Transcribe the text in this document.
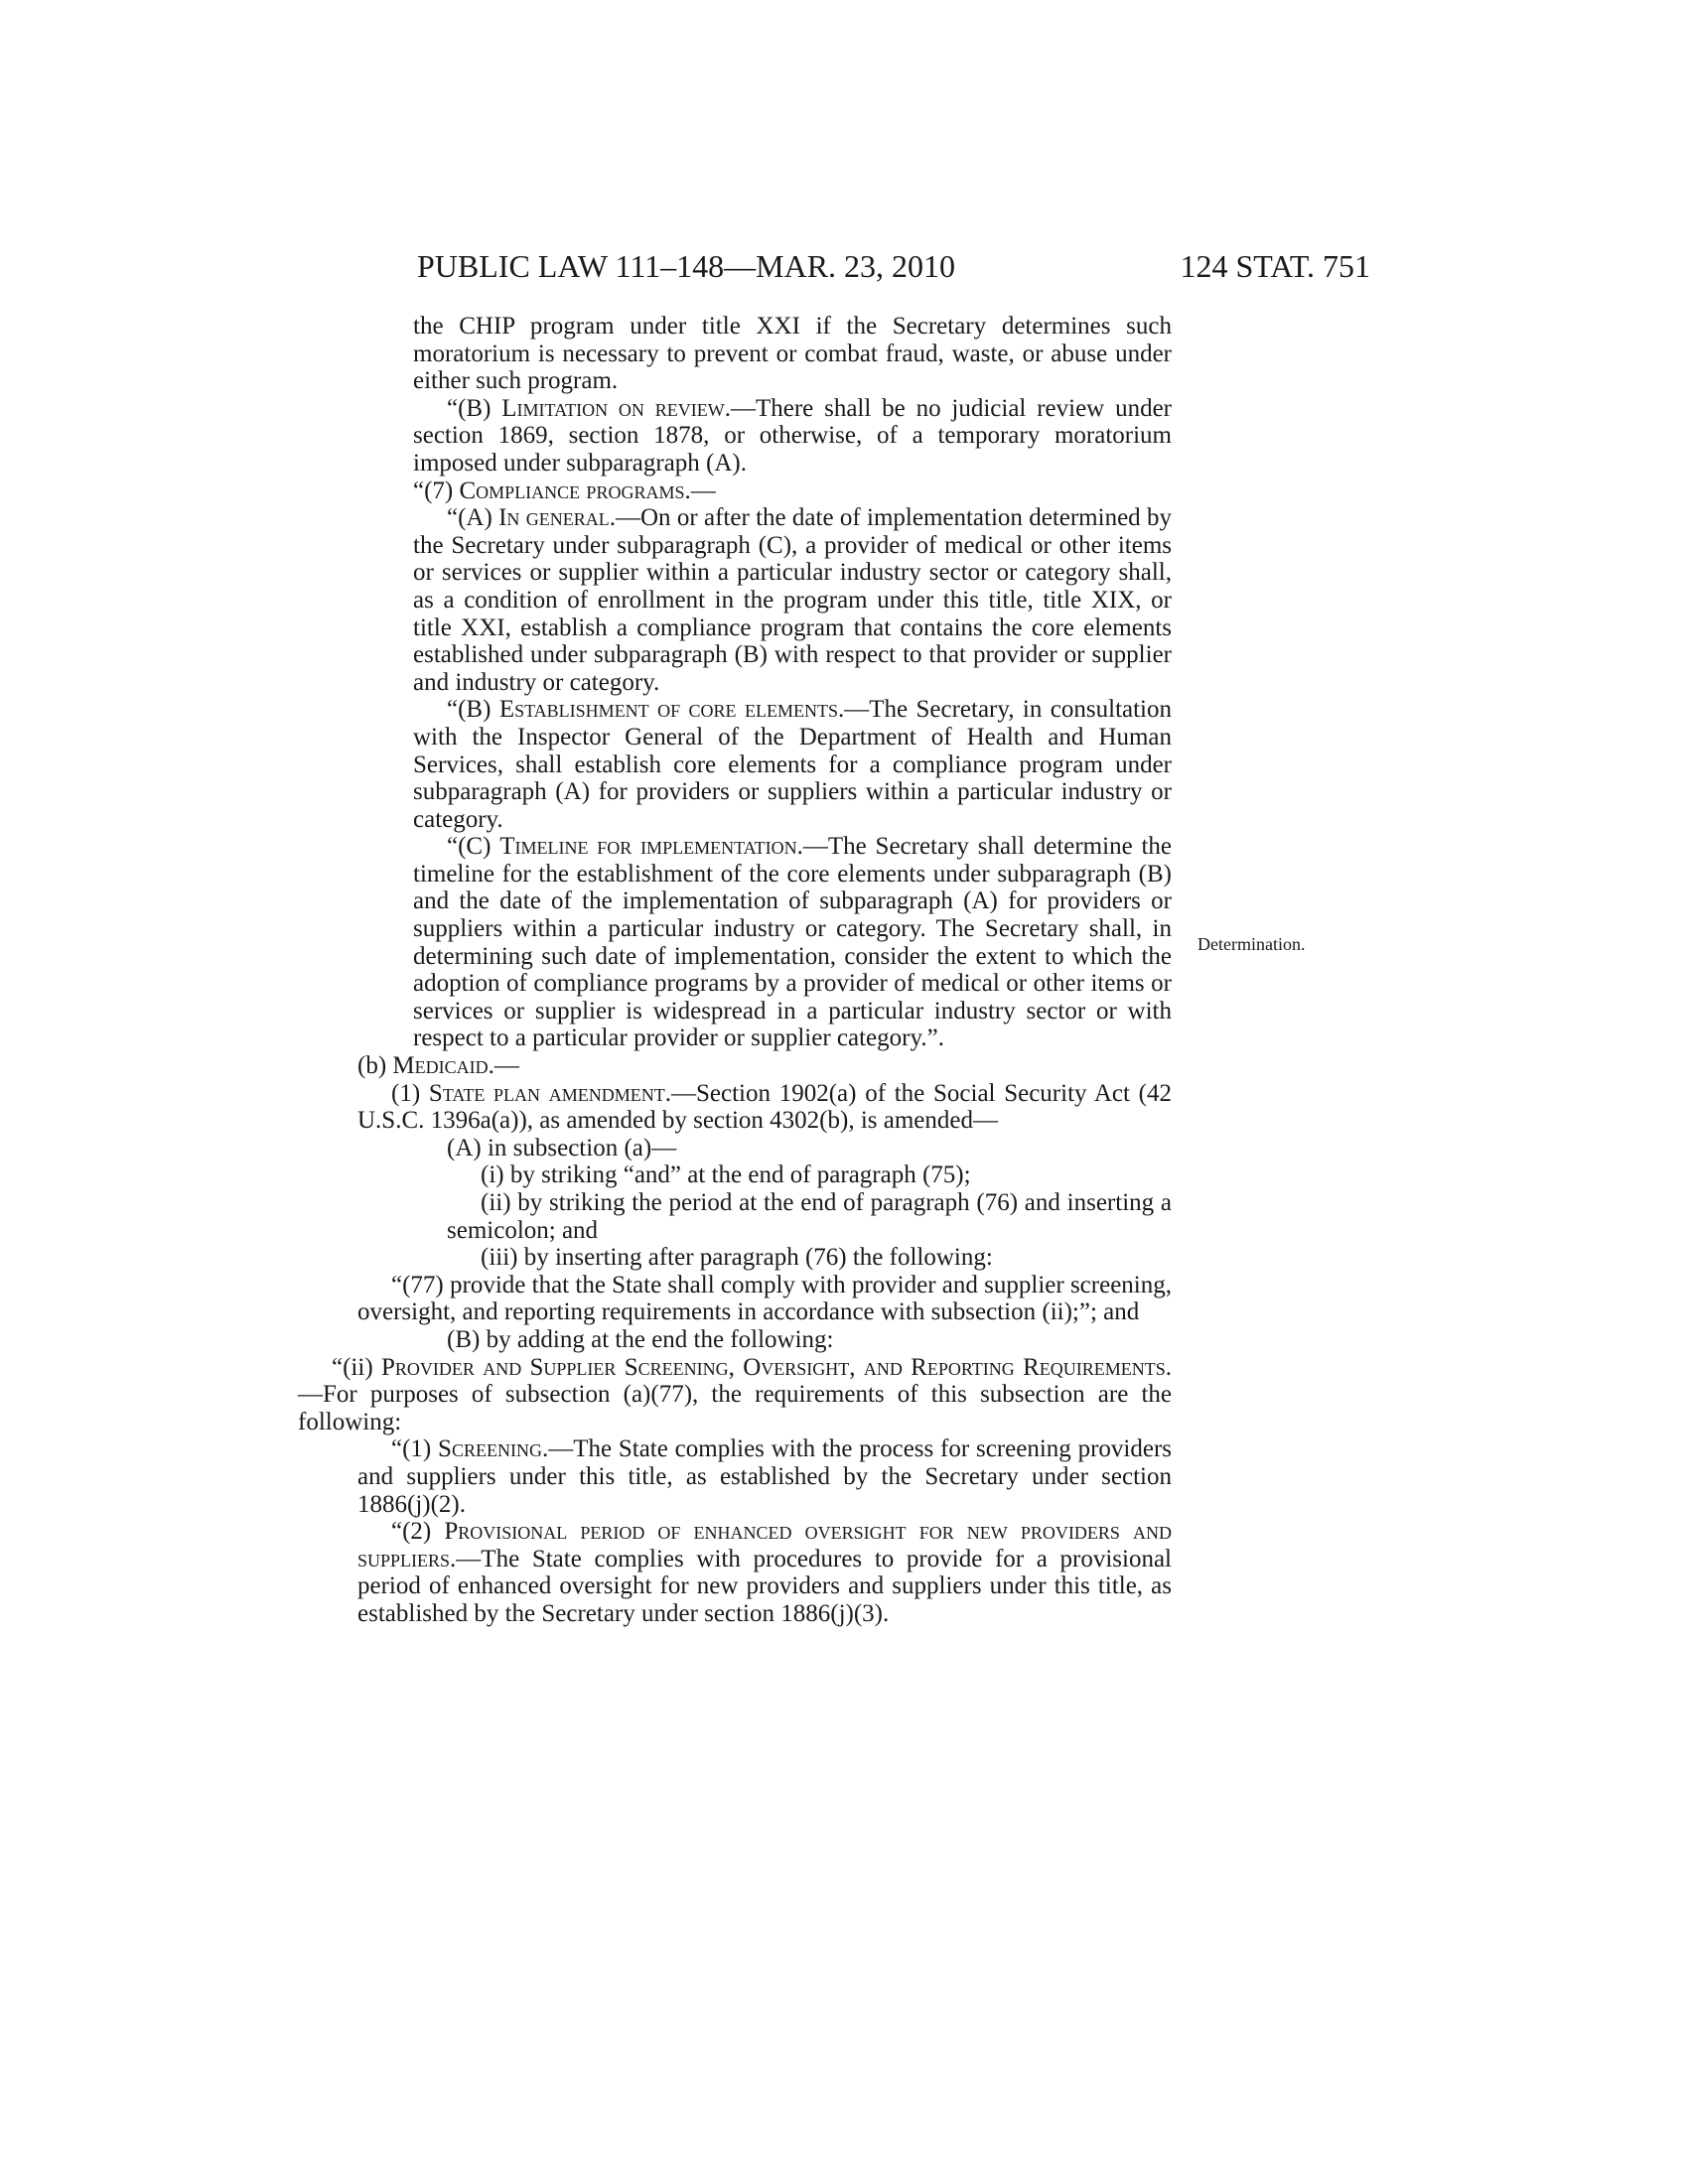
PUBLIC LAW 111–148—MAR. 23, 2010	124 STAT. 751
Determination.

the CHIP program under title XXI if the Secretary determines such moratorium is necessary to prevent or combat fraud, waste, or abuse under either such program.

“(B) Limitation on review.—There shall be no judicial review under section 1869, section 1878, or otherwise, of a temporary moratorium imposed under subparagraph (A).

“(7) Compliance programs.—

“(A) In general.—On or after the date of implementation determined by the Secretary under subparagraph (C), a provider of medical or other items or services or supplier within a particular industry sector or category shall, as a condition of enrollment in the program under this title, title XIX, or title XXI, establish a compliance program that contains the core elements established under subparagraph (B) with respect to that provider or supplier and industry or category.

“(B) Establishment of core elements.—The Secretary, in consultation with the Inspector General of the Department of Health and Human Services, shall establish core elements for a compliance program under subparagraph (A) for providers or suppliers within a particular industry or category.

“(C) Timeline for implementation.—The Secretary shall determine the timeline for the establishment of the core elements under subparagraph (B) and the date of the implementation of subparagraph (A) for providers or suppliers within a particular industry or category. The Secretary shall, in determining such date of implementation, consider the extent to which the adoption of compliance programs by a provider of medical or other items or services or supplier is widespread in a particular industry sector or with respect to a particular provider or supplier category.”.

(b) Medicaid.—

(1) State plan amendment.—Section 1902(a) of the Social Security Act (42 U.S.C. 1396a(a)), as amended by section 4302(b), is amended—

(A) in subsection (a)—

(i) by striking “and” at the end of paragraph (75);

(ii) by striking the period at the end of paragraph (76) and inserting a semicolon; and

(iii) by inserting after paragraph (76) the following:

“(77) provide that the State shall comply with provider and supplier screening, oversight, and reporting requirements in accordance with subsection (ii);”; and

(B) by adding at the end the following:

“(ii) Provider and Supplier Screening, Oversight, and Reporting Requirements.—For purposes of subsection (a)(77), the requirements of this subsection are the following:

“(1) Screening.—The State complies with the process for screening providers and suppliers under this title, as established by the Secretary under section 1886(j)(2).

“(2) Provisional period of enhanced oversight for new providers and suppliers.—The State complies with procedures to provide for a provisional period of enhanced oversight for new providers and suppliers under this title, as established by the Secretary under section 1886(j)(3).
